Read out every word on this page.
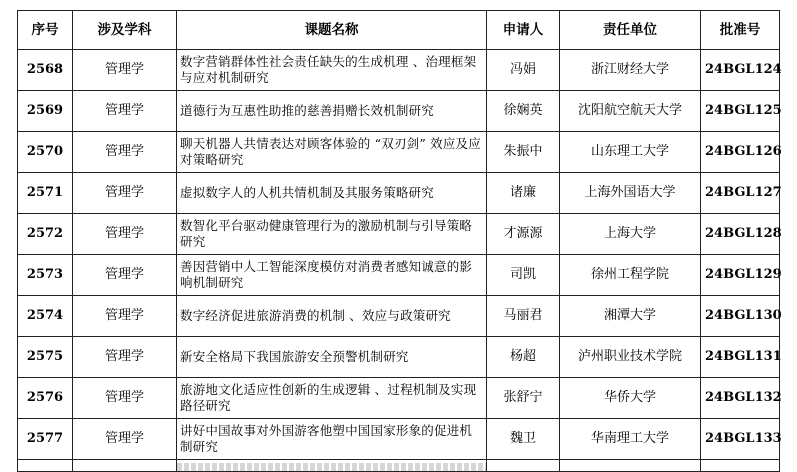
序号	涉及学科	课题名称	申请人	责任单位	批准号
2568	管理学	数字营销群体性社会责任缺失的生成机理 、治理框架与应对机制研究	冯娟	浙江财经大学	24BGL124
2569	管理学	道德行为互惠性助推的慈善捐赠长效机制研究	徐娴英	沈阳航空航天大学	24BGL125
2570	管理学	聊天机器人共情表达对顾客体验的 “双刃剑” 效应及应对策略研究	朱振中	山东理工大学	24BGL126
2571	管理学	虚拟数字人的人机共情机制及其服务策略研究	诸廉	上海外国语大学	24BGL127
2572	管理学	数智化平台驱动健康管理行为的激励机制与引导策略研究	才源源	上海大学	24BGL128
2573	管理学	善因营销中人工智能深度模仿对消费者感知诚意的影响机制研究	司凯	徐州工程学院	24BGL129
2574	管理学	数字经济促进旅游消费的机制 、效应与政策研究	马丽君	湘潭大学	24BGL130
2575	管理学	新安全格局下我国旅游安全预警机制研究	杨超	泸州职业技术学院	24BGL131
2576	管理学	旅游地文化适应性创新的生成逻辑 、过程机制及实现路径研究	张舒宁	华侨大学	24BGL132
2577	管理学	讲好中国故事对外国游客他塑中国国家形象的促进机制研究	魏卫	华南理工大学	24BGL133
